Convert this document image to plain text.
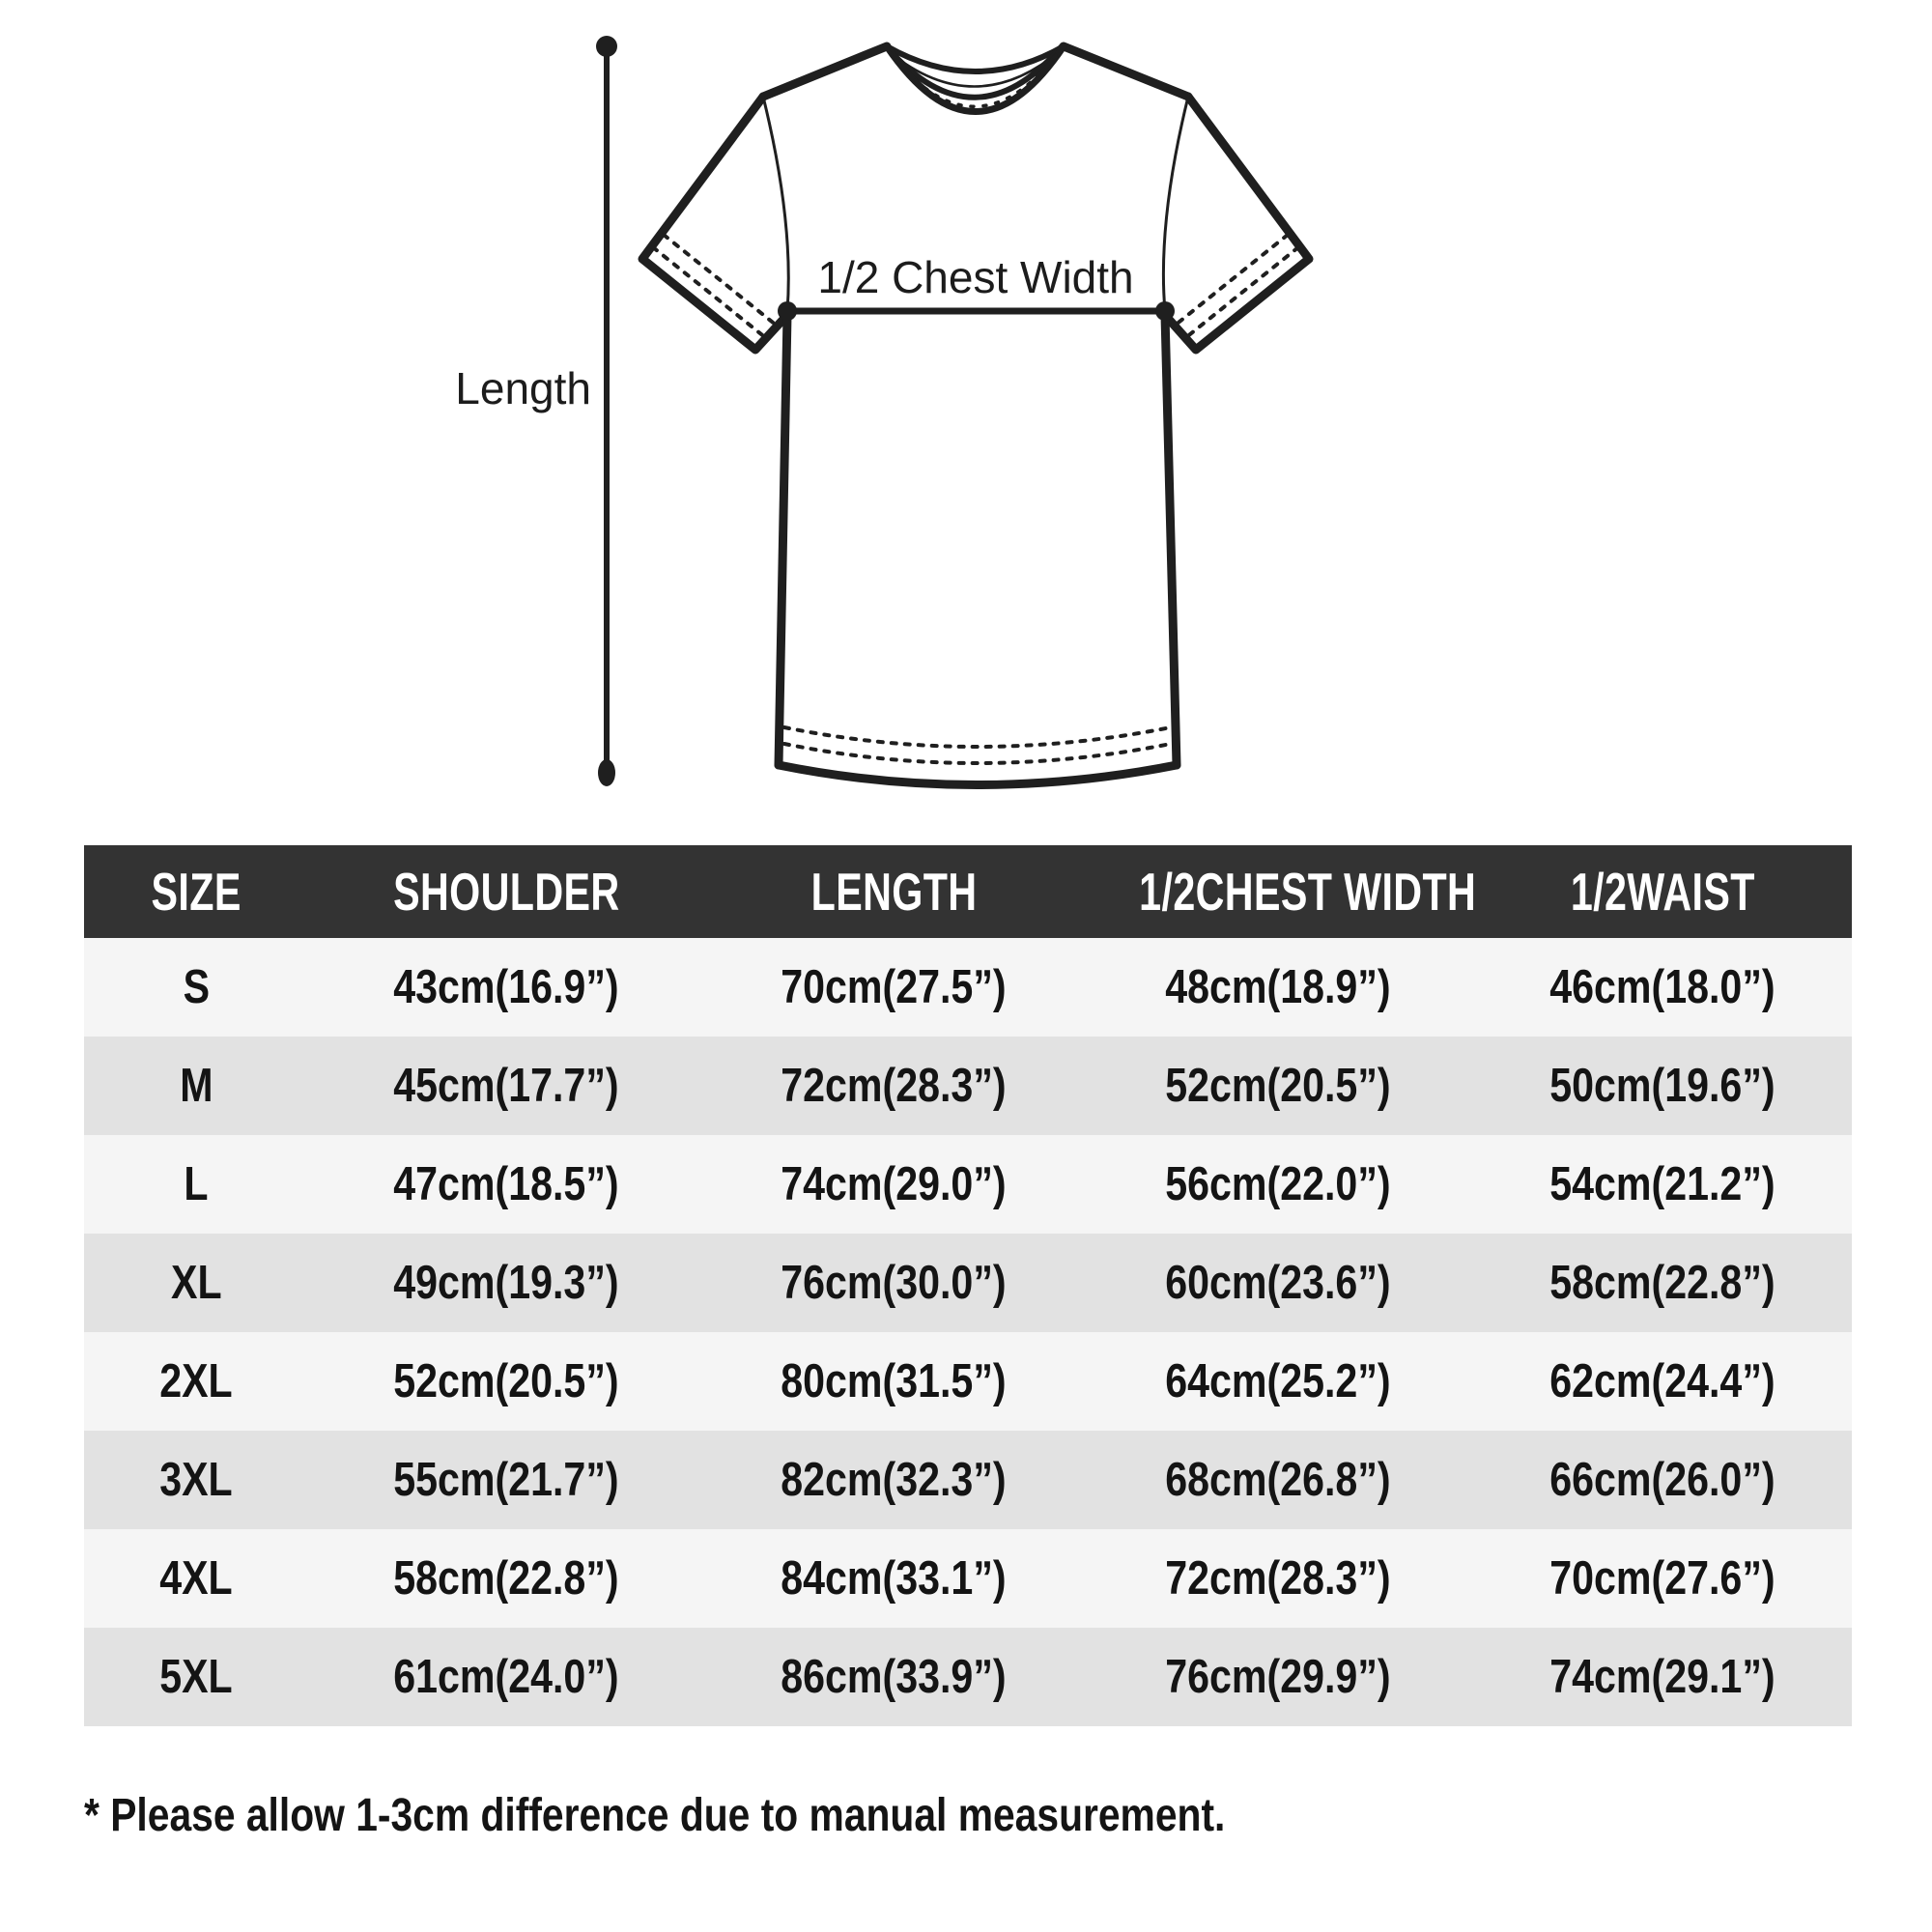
Length
1/2 Chest Width
SIZE	SHOULDER	LENGTH	1/2CHEST WIDTH	1/2WAIST
S	43cm(16.9”)	70cm(27.5”)	48cm(18.9”)	46cm(18.0”)
M	45cm(17.7”)	72cm(28.3”)	52cm(20.5”)	50cm(19.6”)
L	47cm(18.5”)	74cm(29.0”)	56cm(22.0”)	54cm(21.2”)
XL	49cm(19.3”)	76cm(30.0”)	60cm(23.6”)	58cm(22.8”)
2XL	52cm(20.5”)	80cm(31.5”)	64cm(25.2”)	62cm(24.4”)
3XL	55cm(21.7”)	82cm(32.3”)	68cm(26.8”)	66cm(26.0”)
4XL	58cm(22.8”)	84cm(33.1”)	72cm(28.3”)	70cm(27.6”)
5XL	61cm(24.0”)	86cm(33.9”)	76cm(29.9”)	74cm(29.1”)
* Please allow 1-3cm difference due to manual measurement.
